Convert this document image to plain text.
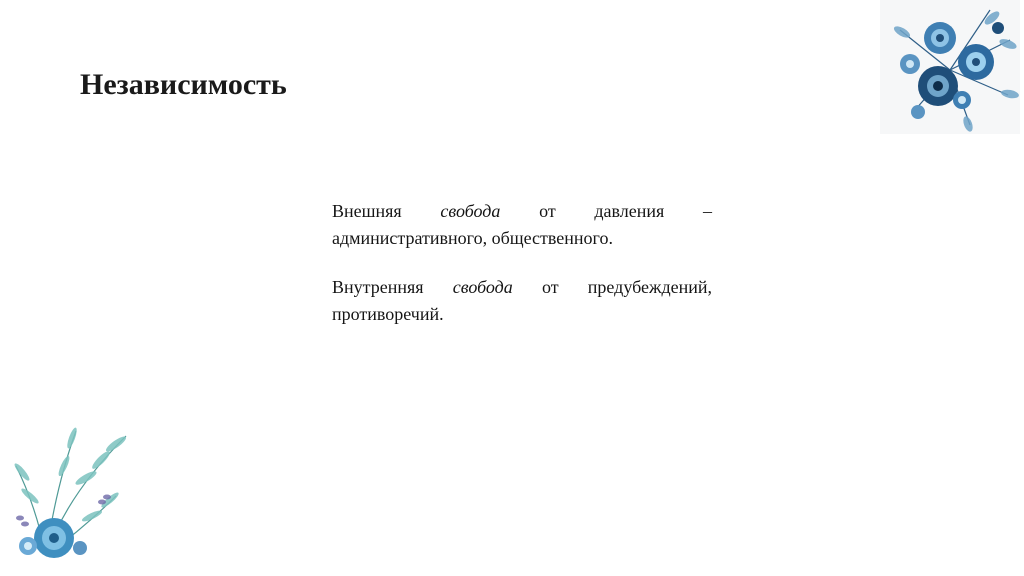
Независимость

Внешняя свобода от давления – административного, общественного.

Внутренняя свобода от предубеждений, противоречий.
